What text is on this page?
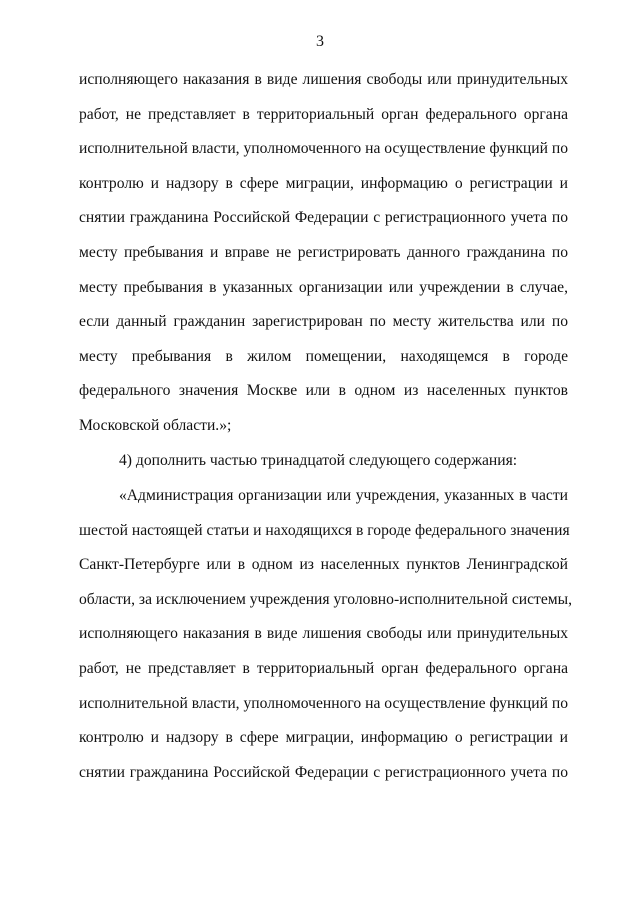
3
исполняющего наказания в виде лишения свободы или принудительных
работ, не представляет в территориальный орган федерального органа
исполнительной власти, уполномоченного на осуществление функций по
контролю и надзору в сфере миграции, информацию о регистрации и
снятии гражданина Российской Федерации с регистрационного учета по
месту пребывания и вправе не регистрировать данного гражданина по
месту пребывания в указанных организации или учреждении в случае,
если данный гражданин зарегистрирован по месту жительства или по
месту пребывания в жилом помещении, находящемся в городе
федерального значения Москве или в одном из населенных пунктов
Московской области.»;
4) дополнить частью тринадцатой следующего содержания:
«Администрация организации или учреждения, указанных в части
шестой настоящей статьи и находящихся в городе федерального значения
Санкт-Петербурге или в одном из населенных пунктов Ленинградской
области, за исключением учреждения уголовно-исполнительной системы,
исполняющего наказания в виде лишения свободы или принудительных
работ, не представляет в территориальный орган федерального органа
исполнительной власти, уполномоченного на осуществление функций по
контролю и надзору в сфере миграции, информацию о регистрации и
снятии гражданина Российской Федерации с регистрационного учета по
